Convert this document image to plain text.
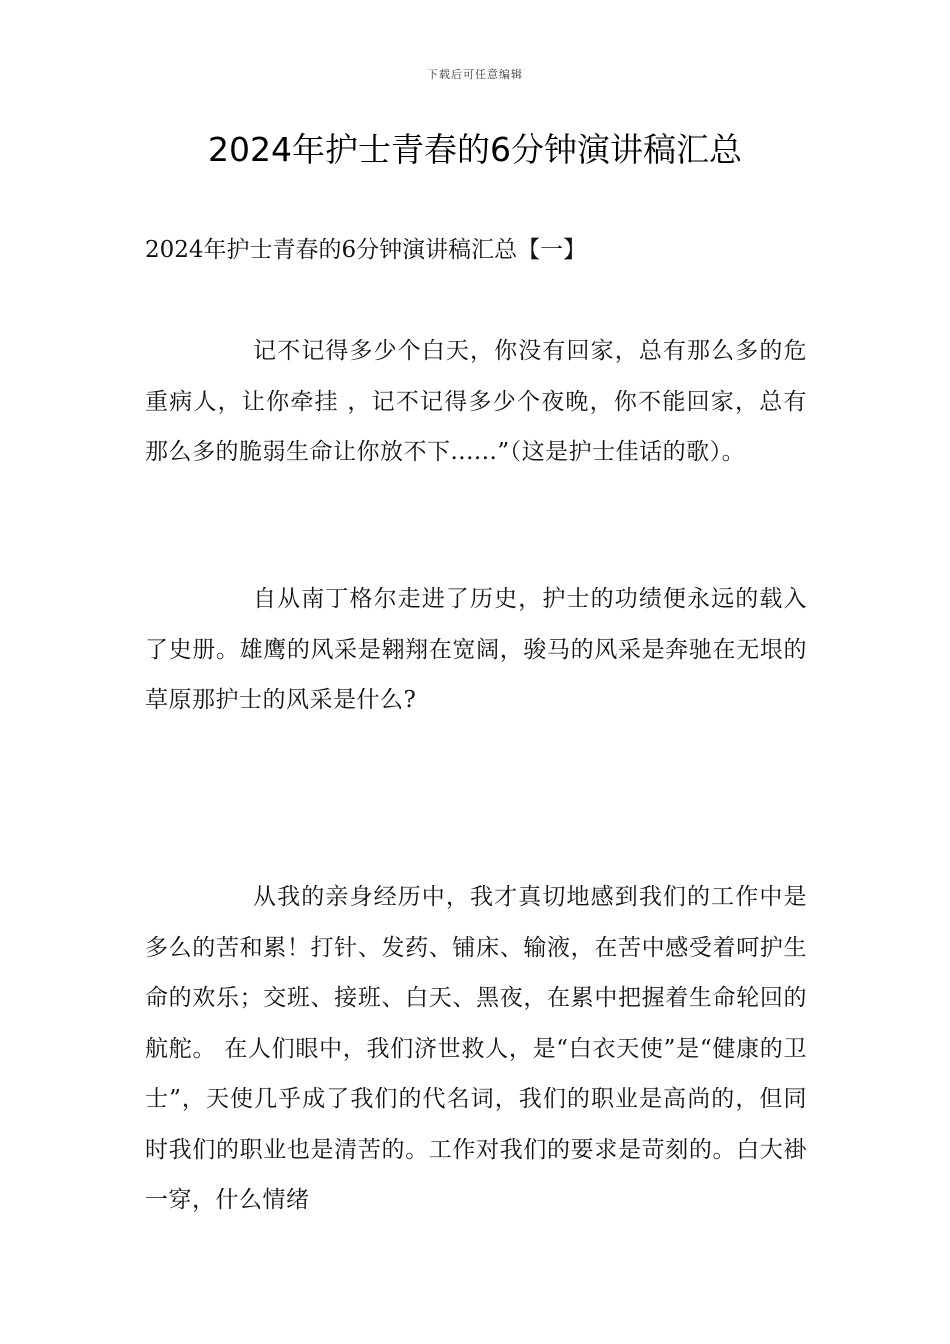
下载后可任意编辑
2024年护士青春的6分钟演讲稿汇总
2024年护士青春的6分钟演讲稿汇总【一】

记不记得多少个白天，你没有回家，总有那么多的危重病人，让你牵挂 ，记不记得多少个夜晚，你不能回家，总有那么多的脆弱生命让你放不下......”（这是护士佳话的歌）。

自从南丁格尔走进了历史，护士的功绩便永远的载入了史册。雄鹰的风采是翱翔在宽阔，骏马的风采是奔驰在无垠的草原那护士的风采是什么?

从我的亲身经历中，我才真切地感到我们的工作中是多么的苦和累！打针、发药、铺床、输液，在苦中感受着呵护生命的欢乐；交班、接班、白天、黑夜，在累中把握着生命轮回的航舵。 在人们眼中，我们济世救人，是“白衣天使”是“健康的卫士”，天使几乎成了我们的代名词，我们的职业是高尚的，但同时我们的职业也是清苦的。工作对我们的要求是苛刻的。白大褂一穿，什么情绪
